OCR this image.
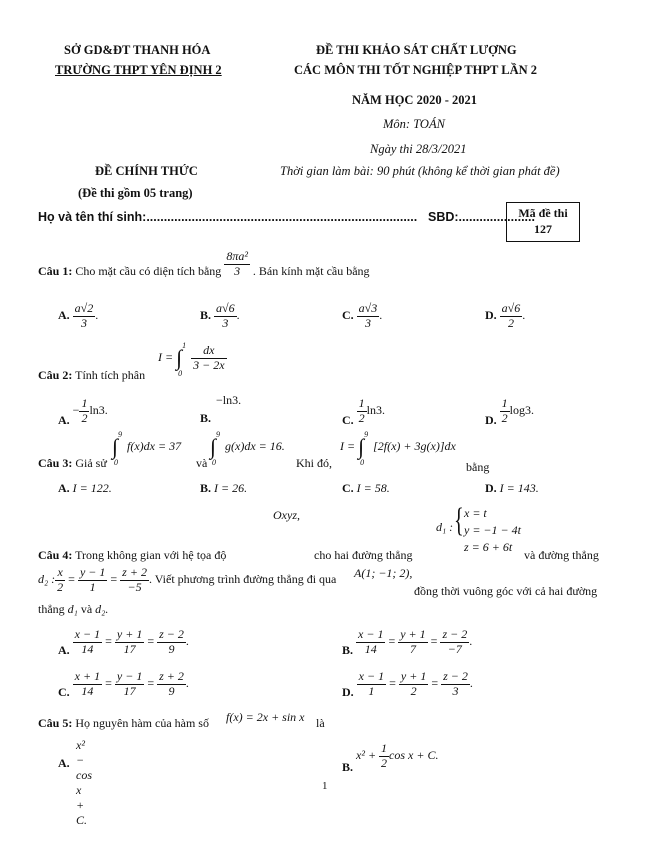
SỞ GD&ĐT THANH HÓA
TRƯỜNG THPT YÊN ĐỊNH 2
ĐỀ THI KHẢO SÁT CHẤT LƯỢNG
CÁC MÔN THI TỐT NGHIỆP THPT LẦN 2
NĂM HỌC 2020 - 2021
Môn: TOÁN
Ngày thi 28/3/2021
ĐỀ CHÍNH THỨC	Thời gian làm bài: 90 phút (không kể thời gian phát đề)
(Đề thi gồm 05 trang)
Họ và tên thí sinh:.............................................................................. SBD:......................
Mã đề thi
127
Câu 1: Cho mặt cầu có diện tích bằng $\frac{\text{8πa²}}{3}$ . Bán kính mặt cầu bằng
A. $\frac{a√2}{3}$ .	B. $\frac{a√6}{3}$ .	C. $\frac{a√3}{3}$ .	D. $\frac{a√6}{2}$ .
Câu 2: Tính tích phân
I =
1
∫
0

$\frac{dx}{3 - 2x}$
A. − $\frac{1}{2} \ln 3$.
−ln3.
B.	C. $\frac{1}{2} \ln 3$.
D. $\frac{1}{2} \log 3$.
Câu 3: Giả sử
9
∫
0
f(x)dx = 37
và
9
∫
0
g(x)dx = 16.
Khi đó,
I =
9
∫
0
[2f(x) + 3g(x)]dx
bằng
A. I = 122.	B. I = 26.	C. I = 58.	D. I = 143.
Oxyz,
d₁ : { x = t
y = −1 − 4t
z = 6 + 6t
Câu 4: Trong không gian với hệ tọa độ	cho hai đường thẳng	và đường thẳng
d₂ : $\frac{x}{2} = \frac{y - 1}{1} = \frac{z + 2}{-5}$ . Viết phương trình đường thẳng đi qua A(1; −1; 2),
đồng thời vuông góc với cả hai đường
thẳng d₁ và d₂.
A. $\frac{x - 1}{14} = \frac{y + 1}{17} = \frac{z - 2}{9}$ .
B. $\frac{x - 1}{14} = \frac{y + 1}{7} = \frac{z - 2}{-7}$ .
C. $\frac{x + 1}{14} = \frac{y - 1}{17} = \frac{z + 2}{9}$ .
D. $\frac{x - 1}{1} = \frac{y + 1}{2} = \frac{z - 2}{3}$ .
Câu 5: Họ nguyên hàm của hàm số f(x) = 2x + sin x là
x² − cos x + C.
A.	B. $x^2 + \frac{1}{2}$ cos x + C.
1
